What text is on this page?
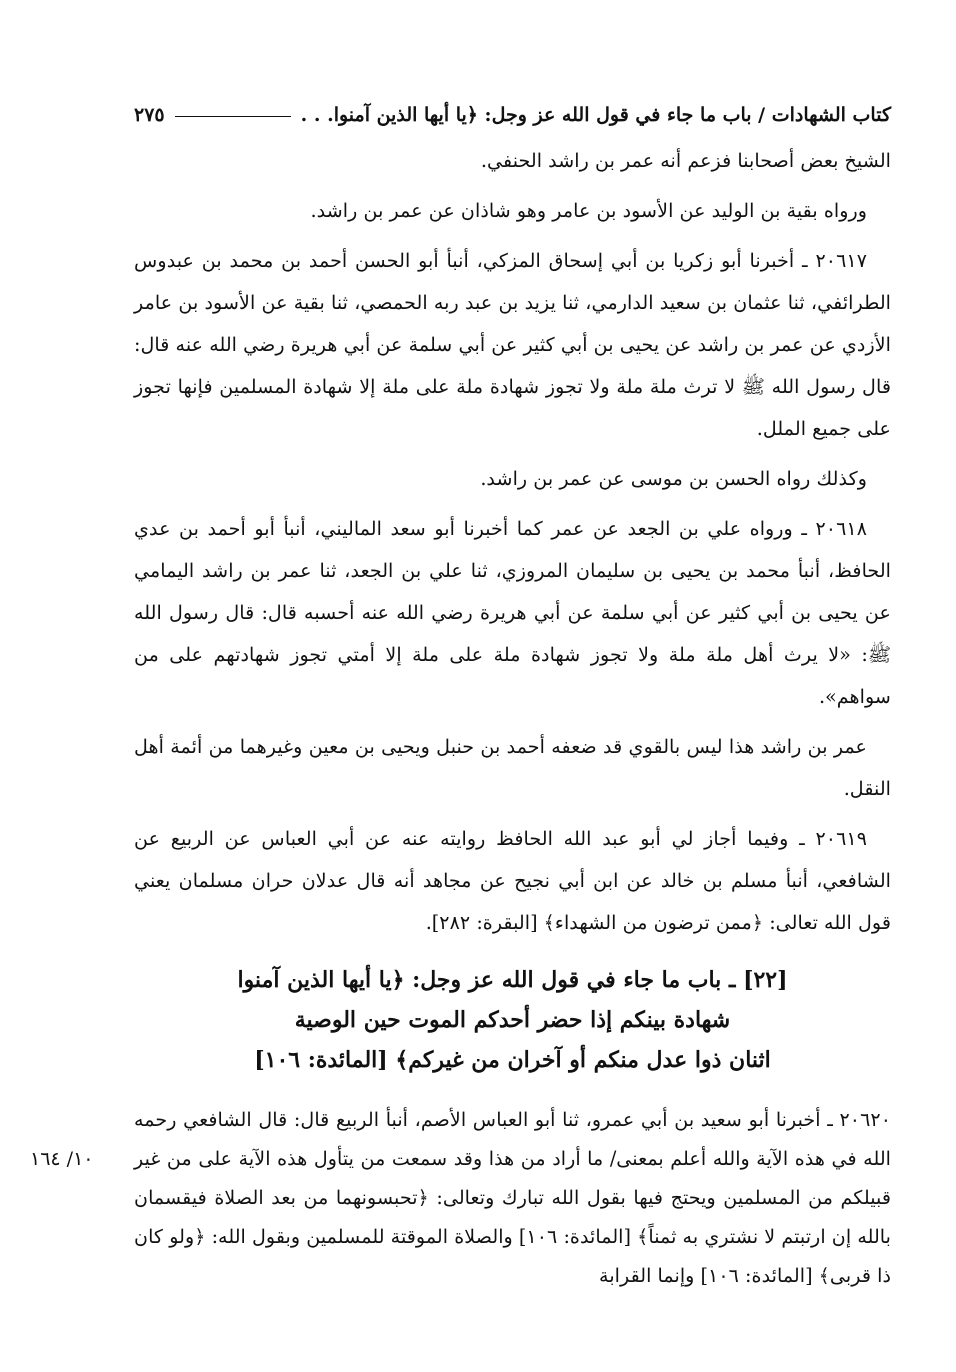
كتاب الشهادات / باب ما جاء في قول الله عز وجل: ﴿يا أيها الذين آمنوا. . .
٢٧٥

الشيخ بعض أصحابنا فزعم أنه عمر بن راشد الحنفي.

ورواه بقية بن الوليد عن الأسود بن عامر وهو شاذان عن عمر بن راشد.

٢٠٦١٧ ـ أخبرنا أبو زكريا بن أبي إسحاق المزكي، أنبأ أبو الحسن أحمد بن محمد بن عبدوس الطرائفي، ثنا عثمان بن سعيد الدارمي، ثنا يزيد بن عبد ربه الحمصي، ثنا بقية عن الأسود بن عامر الأزدي عن عمر بن راشد عن يحيى بن أبي كثير عن أبي سلمة عن أبي هريرة رضي الله عنه قال: قال رسول الله ﷺ لا ترث ملة ملة ولا تجوز شهادة ملة على ملة إلا شهادة المسلمين فإنها تجوز على جميع الملل.

وكذلك رواه الحسن بن موسى عن عمر بن راشد.

٢٠٦١٨ ـ ورواه علي بن الجعد عن عمر كما أخبرنا أبو سعد الماليني، أنبأ أبو أحمد بن عدي الحافظ، أنبأ محمد بن يحيى بن سليمان المروزي، ثنا علي بن الجعد، ثنا عمر بن راشد اليمامي عن يحيى بن أبي كثير عن أبي سلمة عن أبي هريرة رضي الله عنه أحسبه قال: قال رسول الله ﷺ: «لا يرث أهل ملة ملة ولا تجوز شهادة ملة على ملة إلا أمتي تجوز شهادتهم على من سواهم».

عمر بن راشد هذا ليس بالقوي قد ضعفه أحمد بن حنبل ويحيى بن معين وغيرهما من أئمة أهل النقل.

٢٠٦١٩ ـ وفيما أجاز لي أبو عبد الله الحافظ روايته عنه عن أبي العباس عن الربيع عن الشافعي، أنبأ مسلم بن خالد عن ابن أبي نجيح عن مجاهد أنه قال عدلان حران مسلمان يعني قول الله تعالى: ﴿ممن ترضون من الشهداء﴾ [البقرة: ٢٨٢].

[٢٢] ـ باب ما جاء في قول الله عز وجل: ﴿يا أيها الذين آمنوا

شهادة بينكم إذا حضر أحدكم الموت حين الوصية

اثنان ذوا عدل منكم أو آخران من غيركم﴾ [المائدة: ١٠٦]

٢٠٦٢٠ ـ أخبرنا أبو سعيد بن أبي عمرو، ثنا أبو العباس الأصم، أنبأ الربيع قال: قال الشافعي رحمه الله في هذه الآية والله أعلم بمعنى/ ما أراد من هذا وقد سمعت من يتأول هذه الآية على من غير قبيلكم من المسلمين ويحتج فيها بقول الله تبارك وتعالى: ﴿تحبسونهما من بعد الصلاة فيقسمان بالله إن ارتبتم لا نشتري به ثمناً﴾ [المائدة: ١٠٦] والصلاة الموقتة للمسلمين وبقول الله: ﴿ولو كان ذا قربى﴾ [المائدة: ١٠٦] وإنما القرابة

١٠/ ١٦٤
